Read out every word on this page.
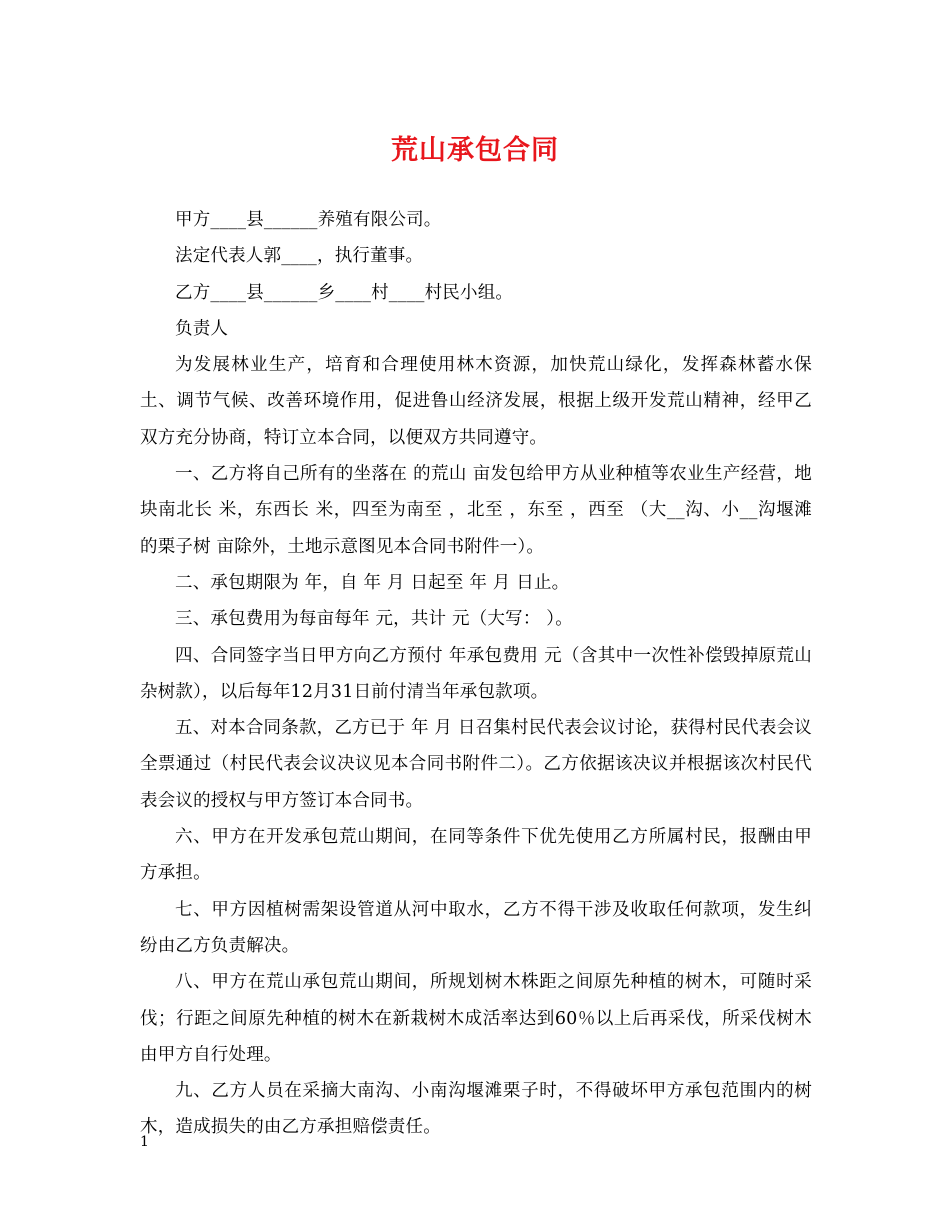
荒山承包合同

甲方____县______养殖有限公司。

法定代表人郭____，执行董事。

乙方____县______乡____村____村民小组。

负责人

为发展林业生产，培育和合理使用林木资源，加快荒山绿化，发挥森林蓄水保土、调节气候、改善环境作用，促进鲁山经济发展，根据上级开发荒山精神，经甲乙双方充分协商，特订立本合同，以便双方共同遵守。

一、乙方将自己所有的坐落在 的荒山 亩发包给甲方从业种植等农业生产经营，地块南北长 米，东西长 米，四至为南至 ，北至 ，东至 ，西至 （大__沟、小__沟堰滩的栗子树 亩除外，土地示意图见本合同书附件一）。

二、承包期限为 年，自 年 月 日起至 年 月 日止。

三、承包费用为每亩每年 元，共计 元（大写： ）。

四、合同签字当日甲方向乙方预付 年承包费用 元（含其中一次性补偿毁掉原荒山杂树款），以后每年12月31日前付清当年承包款项。

五、对本合同条款，乙方已于 年 月 日召集村民代表会议讨论，获得村民代表会议全票通过（村民代表会议决议见本合同书附件二）。乙方依据该决议并根据该次村民代表会议的授权与甲方签订本合同书。

六、甲方在开发承包荒山期间，在同等条件下优先使用乙方所属村民，报酬由甲方承担。

七、甲方因植树需架设管道从河中取水，乙方不得干涉及收取任何款项，发生纠纷由乙方负责解决。

八、甲方在荒山承包荒山期间，所规划树木株距之间原先种植的树木，可随时采伐；行距之间原先种植的树木在新栽树木成活率达到60％以上后再采伐，所采伐树木由甲方自行处理。

九、乙方人员在采摘大南沟、小南沟堰滩栗子时，不得破坏甲方承包范围内的树木，造成损失的由乙方承担赔偿责任。

1
